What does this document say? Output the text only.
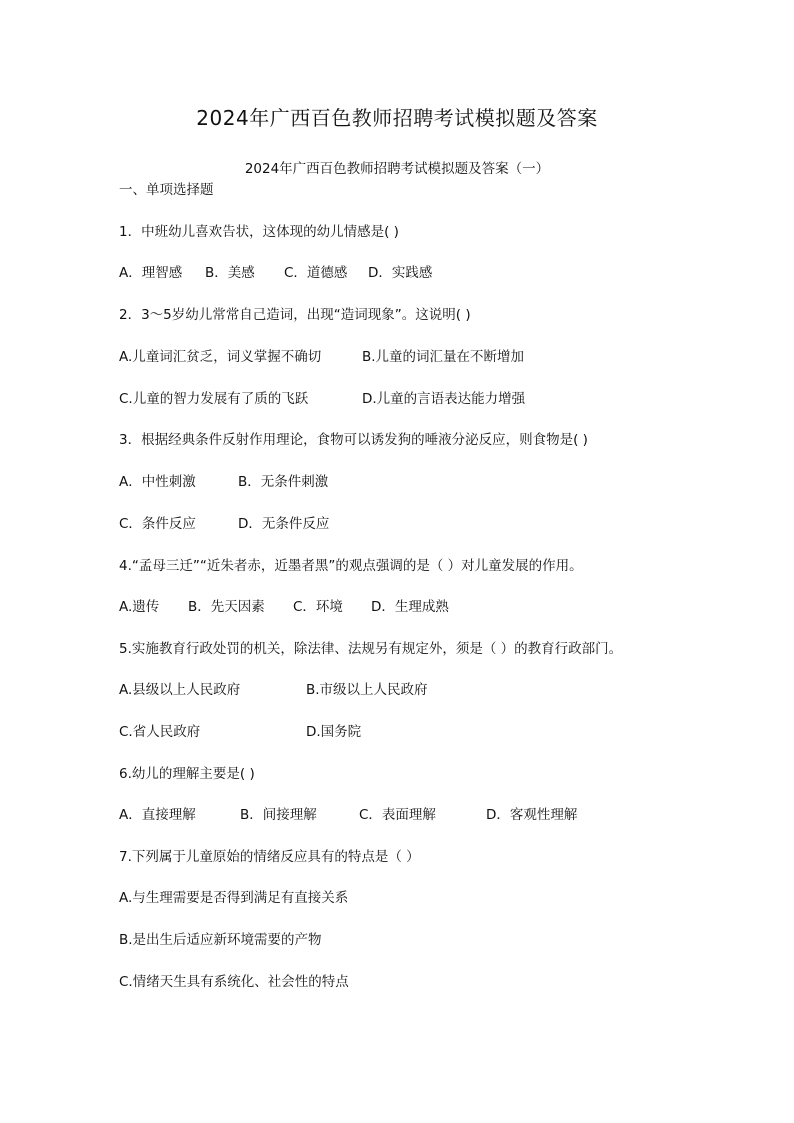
2024年广西百色教师招聘考试模拟题及答案
2024年广西百色教师招聘考试模拟题及答案（一）
一、单项选择题
1．中班幼儿喜欢告状，这体现的幼儿情感是( )
A．理智感 B．美感 C．道德感 D．实践感
2．3～5岁幼儿常常自己造词，出现“造词现象”。这说明( )
A.儿童词汇贫乏，词义掌握不确切	B.儿童的词汇量在不断增加
C.儿童的智力发展有了质的飞跃	D.儿童的言语表达能力增强
3．根据经典条件反射作用理论，食物可以诱发狗的唾液分泌反应，则食物是( )
A．中性刺激	B．无条件刺激
C．条件反应	D．无条件反应
4.“孟母三迁”“近朱者赤，近墨者黑”的观点强调的是（ ）对儿童发展的作用。
A.遗传 B．先天因素 C．环境 D．生理成熟
5.实施教育行政处罚的机关，除法律、法规另有规定外，须是（ ）的教育行政部门。
A.县级以上人民政府	B.市级以上人民政府
C.省人民政府	D.国务院
6.幼儿的理解主要是( )
A．直接理解	B．间接理解	C．表面理解	D．客观性理解
7.下列属于儿童原始的情绪反应具有的特点是（ ）
A.与生理需要是否得到满足有直接关系
B.是出生后适应新环境需要的产物
C.情绪天生具有系统化、社会性的特点
